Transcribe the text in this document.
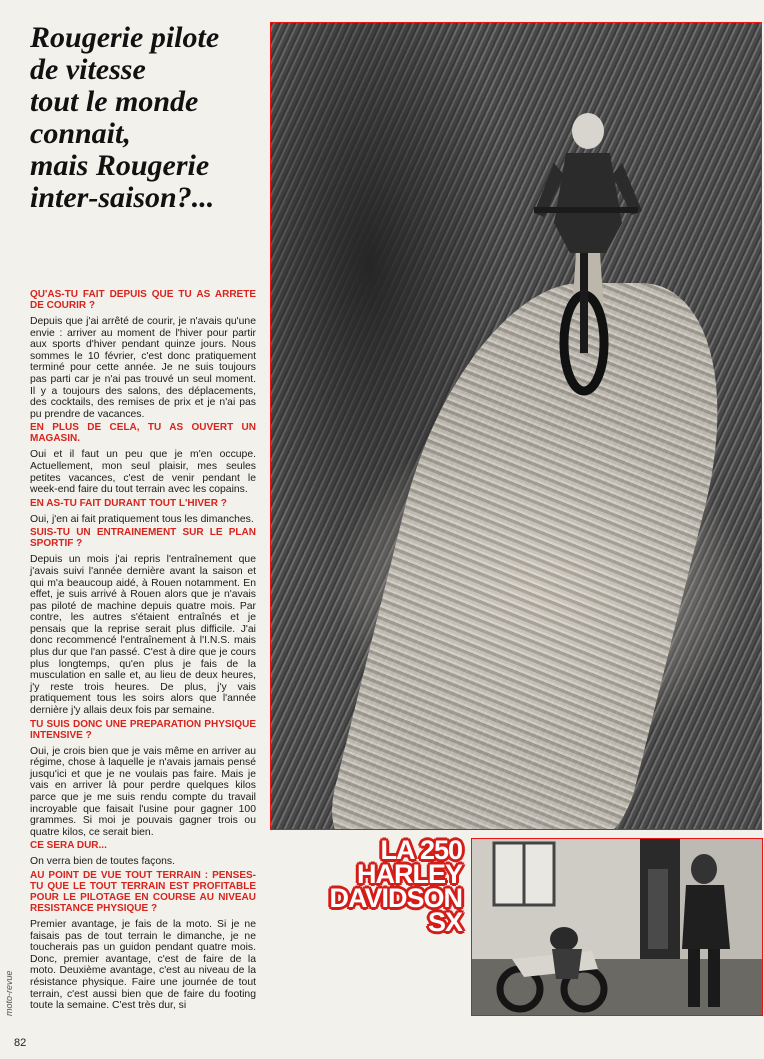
Rougerie pilote
de vitesse
tout le monde
connait,
mais Rougerie
inter-saison?...
QU'AS-TU FAIT DEPUIS QUE TU AS ARRETE DE COURIR ?

Depuis que j'ai arrêté de courir, je n'avais qu'une envie : arriver au moment de l'hiver pour partir aux sports d'hiver pendant quinze jours. Nous sommes le 10 février, c'est donc pratiquement terminé pour cette année. Je ne suis toujours pas parti car je n'ai pas trouvé un seul moment. Il y a toujours des salons, des déplacements, des cocktails, des remises de prix et je n'ai pas pu prendre de vacances.

EN PLUS DE CELA, TU AS OUVERT UN MAGASIN.

Oui et il faut un peu que je m'en occupe. Actuellement, mon seul plaisir, mes seules petites vacances, c'est de venir pendant le week-end faire du tout terrain avec les copains.

EN AS-TU FAIT DURANT TOUT L'HIVER ?

Oui, j'en ai fait pratiquement tous les dimanches.

SUIS-TU UN ENTRAINEMENT SUR LE PLAN SPORTIF ?

Depuis un mois j'ai repris l'entraînement que j'avais suivi l'année dernière avant la saison et qui m'a beaucoup aidé, à Rouen notamment. En effet, je suis arrivé à Rouen alors que je n'avais pas piloté de machine depuis quatre mois. Par contre, les autres s'étaient entraînés et je pensais que la reprise serait plus difficile. J'ai donc recommencé l'entraînement à l'I.N.S. mais plus dur que l'an passé. C'est à dire que je cours plus longtemps, qu'en plus je fais de la musculation en salle et, au lieu de deux heures, j'y reste trois heures. De plus, j'y vais pratiquement tous les soirs alors que l'année dernière j'y allais deux fois par semaine.

TU SUIS DONC UNE PREPARATION PHYSIQUE INTENSIVE ?

Oui, je crois bien que je vais même en arriver au régime, chose à laquelle je n'avais jamais pensé jusqu'ici et que je ne voulais pas faire. Mais je vais en arriver là pour perdre quelques kilos parce que je me suis rendu compte du travail incroyable que faisait l'usine pour gagner 100 grammes. Si moi je pouvais gagner trois ou quatre kilos, ce serait bien.

CE SERA DUR...

On verra bien de toutes façons.

AU POINT DE VUE TOUT TERRAIN : PENSES-TU QUE LE TOUT TERRAIN EST PROFITABLE POUR LE PILOTAGE EN COURSE AU NIVEAU RESISTANCE PHYSIQUE ?

Premier avantage, je fais de la moto. Si je ne faisais pas de tout terrain le dimanche, je ne toucherais pas un guidon pendant quatre mois. Donc, premier avantage, c'est de faire de la moto. Deuxième avantage, c'est au niveau de la résistance physique. Faire une journée de tout terrain, c'est aussi bien que de faire du footing toute la semaine. C'est très dur, si

LA 250
HARLEY
DAVIDSON
SX
moto-revue
82
